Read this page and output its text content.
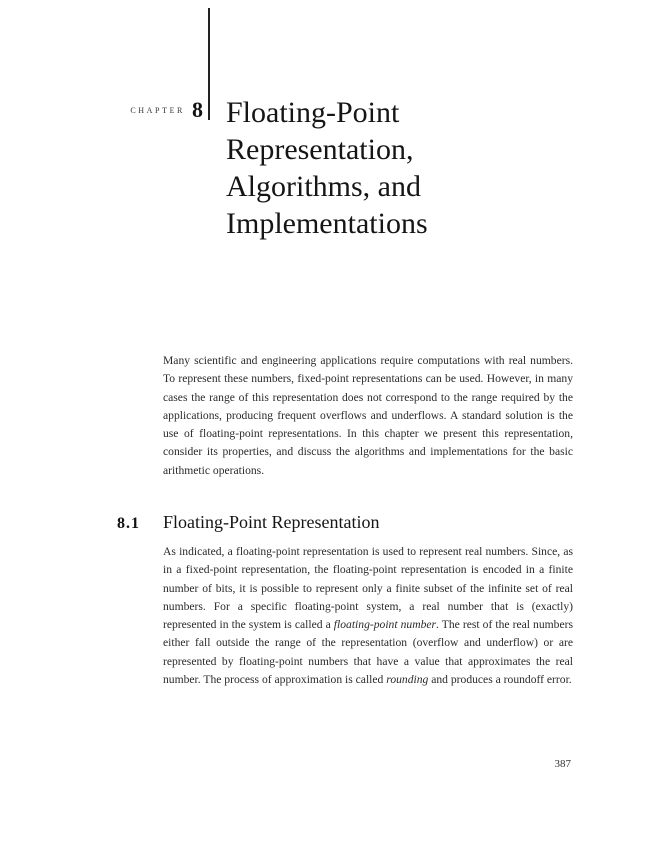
CHAPTER 8 Floating-Point
Representation,
Algorithms, and
Implementations

Many scientific and engineering applications require computations with real numbers. To represent these numbers, fixed-point representations can be used. However, in many cases the range of this representation does not correspond to the range required by the applications, producing frequent overflows and underflows. A standard solution is the use of floating-point representations. In this chapter we present this representation, consider its properties, and discuss the algorithms and implementations for the basic arithmetic operations.

8.1	Floating-Point Representation

As indicated, a floating-point representation is used to represent real numbers. Since, as in a fixed-point representation, the floating-point representation is encoded in a finite number of bits, it is possible to represent only a finite subset of the infinite set of real numbers. For a specific floating-point system, a real number that is (exactly) represented in the system is called a floating-point number. The rest of the real numbers either fall outside the range of the representation (overflow and underflow) or are represented by floating-point numbers that have a value that approximates the real number. The process of approximation is called rounding and produces a roundoff error.

387
